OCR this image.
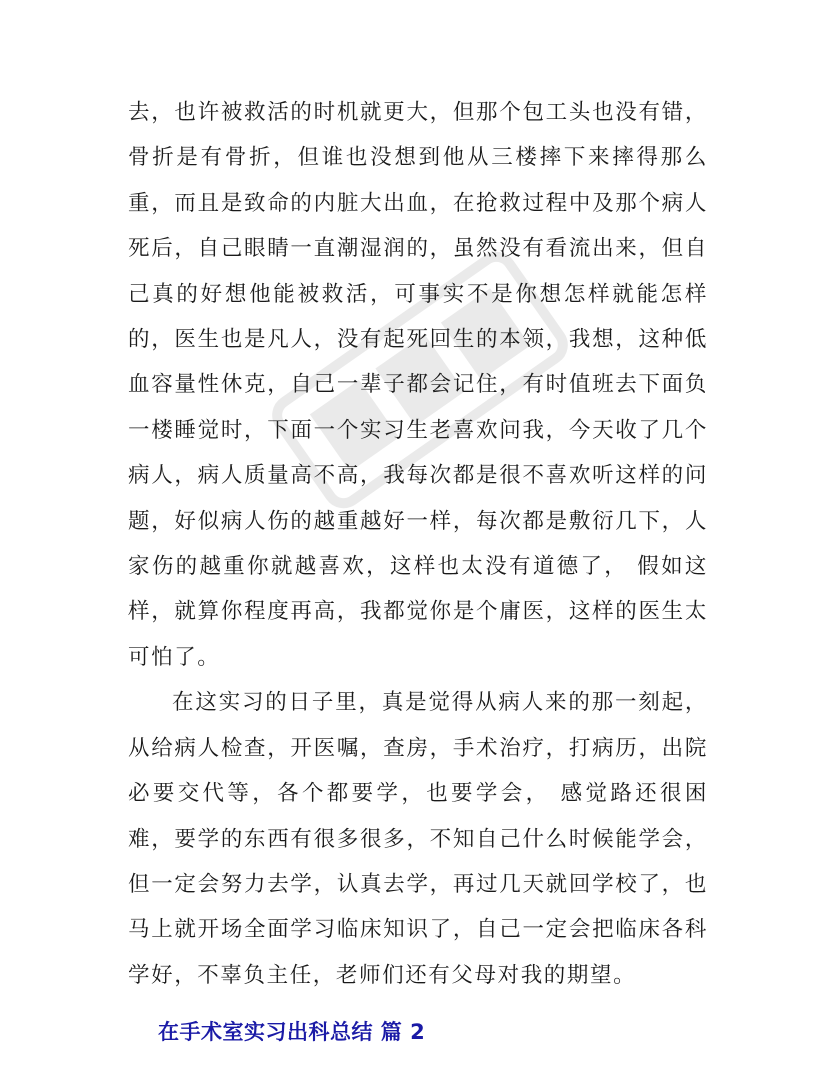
去，也许被救活的时机就更大，但那个包工头也没有错，骨折是有骨折，但谁也没想到他从三楼摔下来摔得那么重，而且是致命的内脏大出血，在抢救过程中及那个病人死后，自己眼睛一直潮湿润的，虽然没有看流出来，但自己真的好想他能被救活，可事实不是你想怎样就能怎样的，医生也是凡人，没有起死回生的本领，我想，这种低血容量性休克，自己一辈子都会记住，有时值班去下面负一楼睡觉时，下面一个实习生老喜欢问我，今天收了几个病人，病人质量高不高，我每次都是很不喜欢听这样的问题，好似病人伤的越重越好一样，每次都是敷衍几下，人家伤的越重你就越喜欢，这样也太没有道德了， 假如这样，就算你程度再高，我都觉你是个庸医，这样的医生太可怕了。

在这实习的日子里，真是觉得从病人来的那一刻起，从给病人检查，开医嘱，查房，手术治疗，打病历，出院必要交代等，各个都要学，也要学会， 感觉路还很困难，要学的东西有很多很多，不知自己什么时候能学会，但一定会努力去学，认真去学，再过几天就回学校了，也马上就开场全面学习临床知识了，自己一定会把临床各科学好，不辜负主任，老师们还有父母对我的期望。

在手术室实习出科总结 篇 2
